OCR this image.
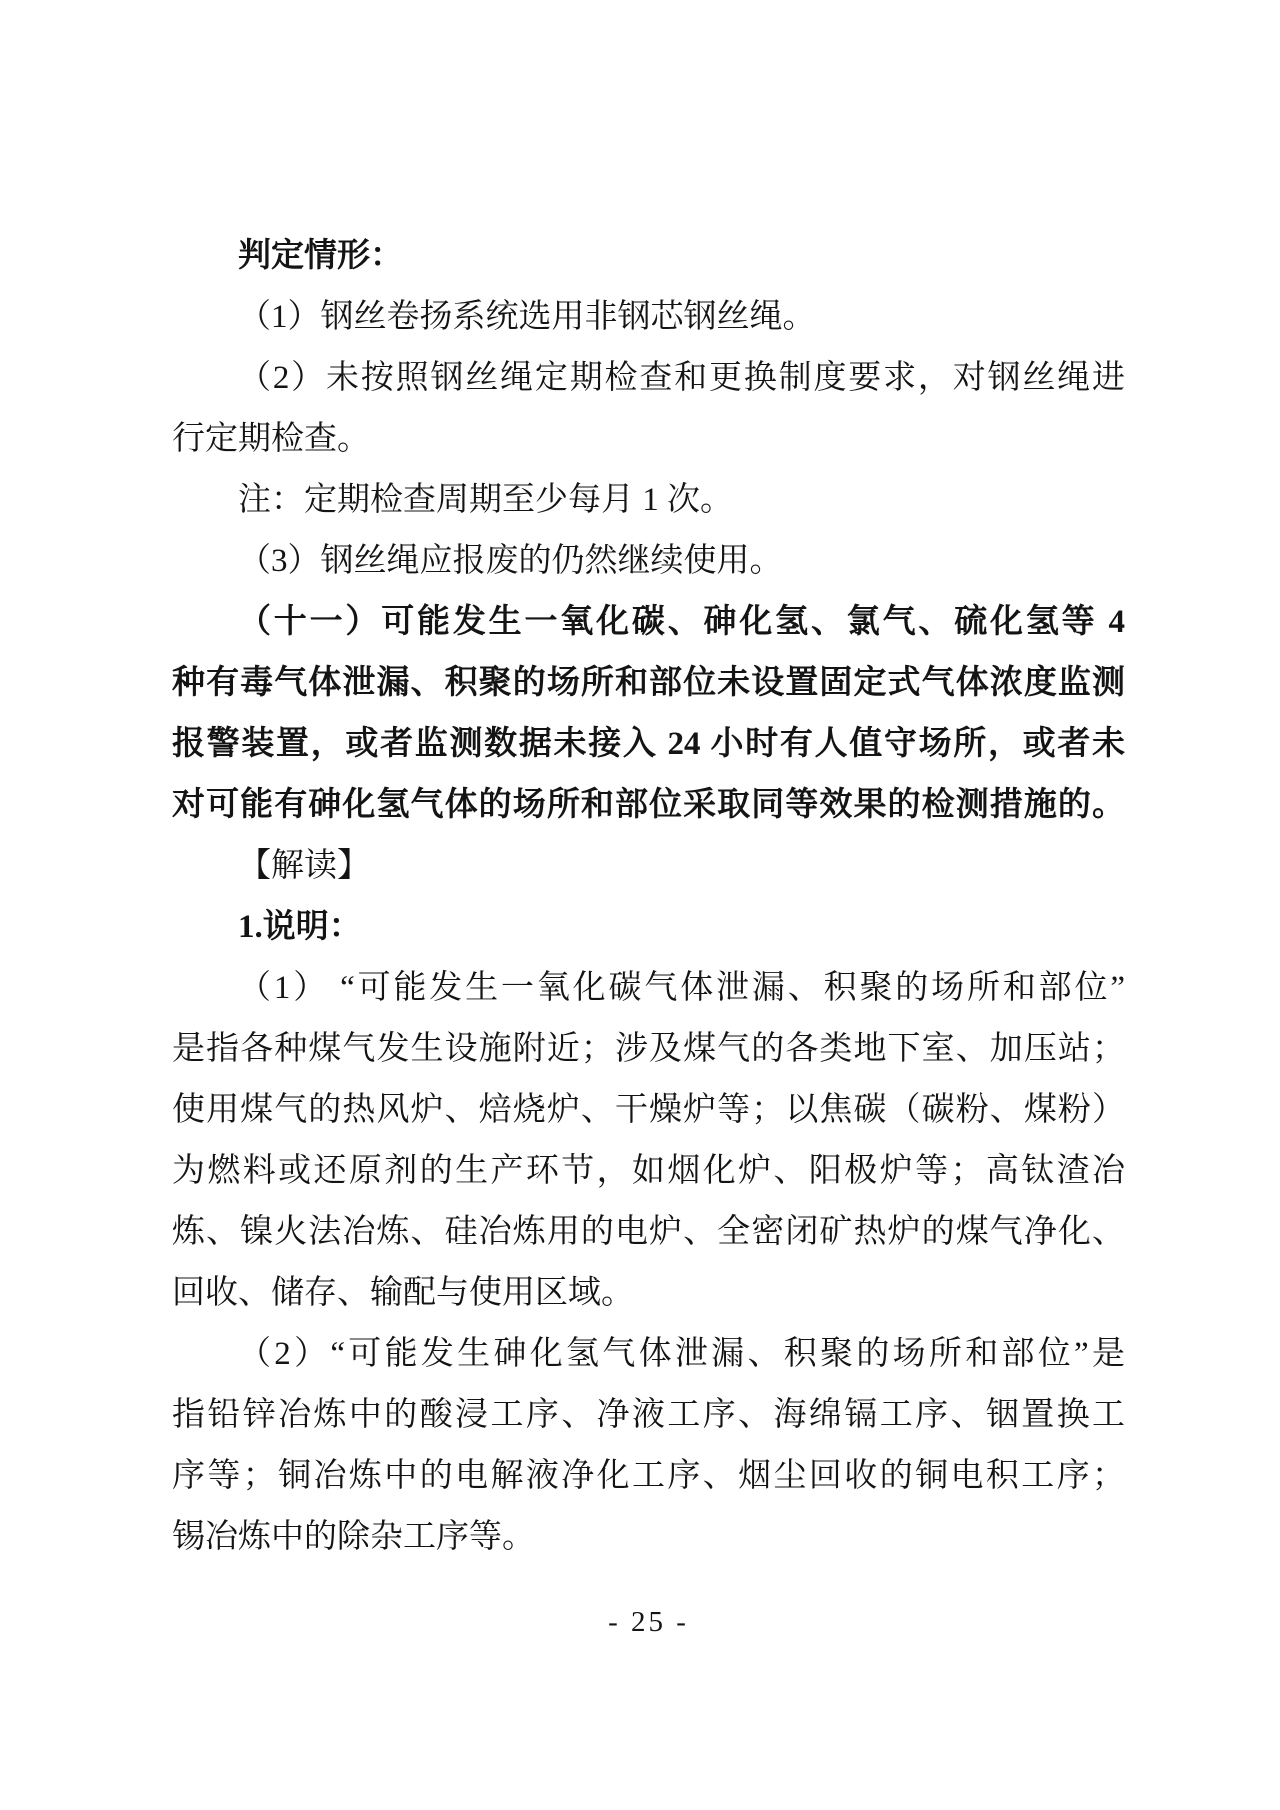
判定情形：
（1）钢丝卷扬系统选用非钢芯钢丝绳。
（2）未按照钢丝绳定期检查和更换制度要求，对钢丝绳进
行定期检查。
注：定期检查周期至少每月 1 次。
（3）钢丝绳应报废的仍然继续使用。
（十一）可能发生一氧化碳、砷化氢、氯气、硫化氢等 4
种有毒气体泄漏、积聚的场所和部位未设置固定式气体浓度监测
报警装置，或者监测数据未接入 24 小时有人值守场所，或者未
对可能有砷化氢气体的场所和部位采取同等效果的检测措施的。
【解读】
1.说明：
（1） “可能发生一氧化碳气体泄漏、积聚的场所和部位”
是指各种煤气发生设施附近；涉及煤气的各类地下室、加压站；
使用煤气的热风炉、焙烧炉、干燥炉等；以焦碳（碳粉、煤粉）
为燃料或还原剂的生产环节，如烟化炉、阳极炉等；高钛渣冶
炼、镍火法冶炼、硅冶炼用的电炉、全密闭矿热炉的煤气净化、
回收、储存、输配与使用区域。
（2）“可能发生砷化氢气体泄漏、积聚的场所和部位”是
指铅锌冶炼中的酸浸工序、净液工序、海绵镉工序、铟置换工
序等；铜冶炼中的电解液净化工序、烟尘回收的铜电积工序；
锡冶炼中的除杂工序等。
- 25 -
